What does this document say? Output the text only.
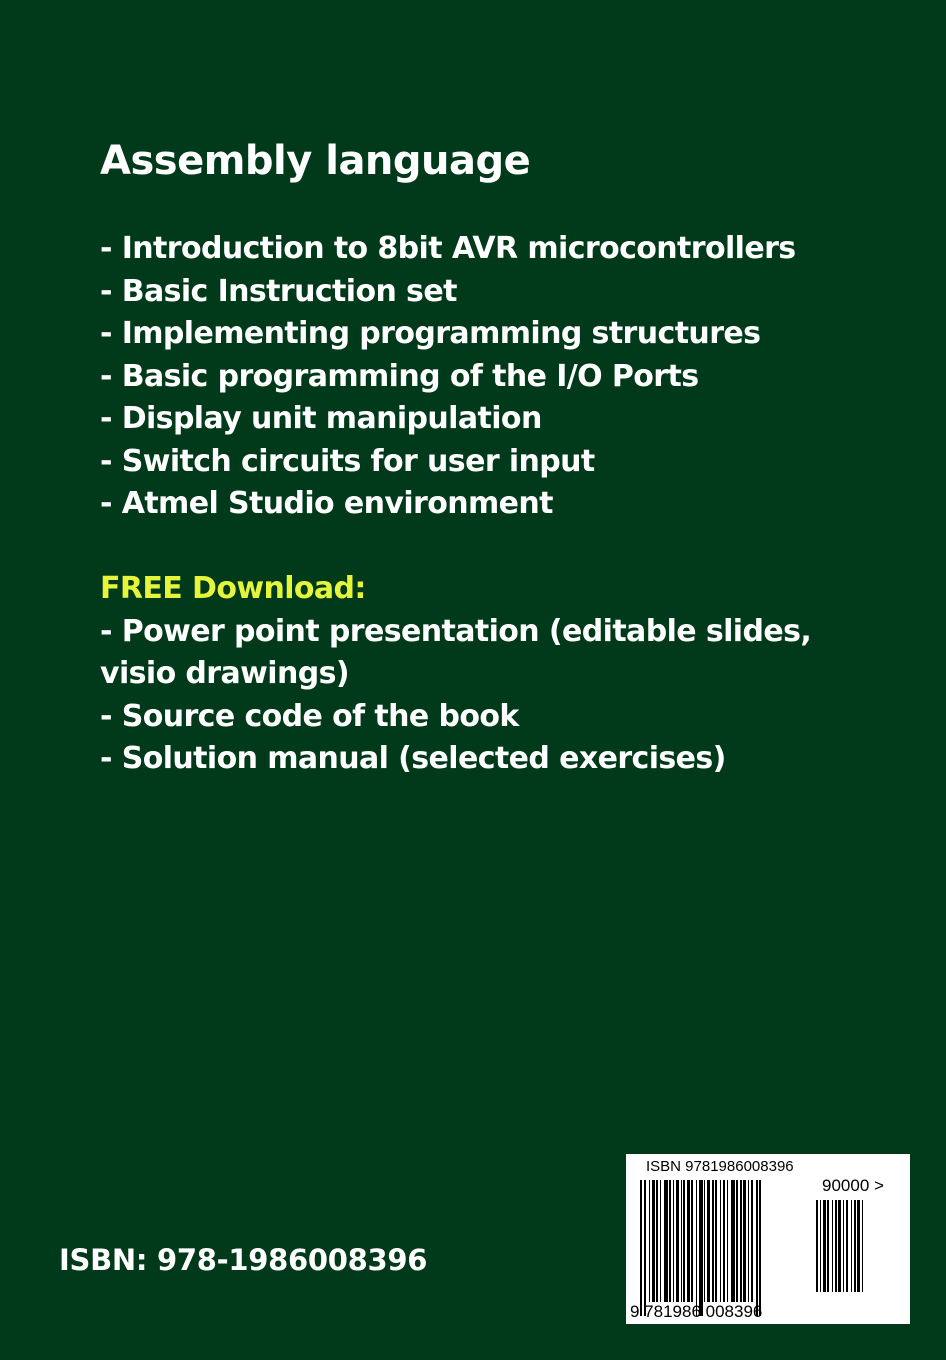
Assembly language
- Introduction to 8bit AVR microcontrollers
- Basic Instruction set
- Implementing programming structures
- Basic programming of the I/O Ports
- Display unit manipulation
- Switch circuits for user input
- Atmel Studio environment
FREE Download:
- Power point presentation (editable slides,
visio drawings)
- Source code of the book
- Solution manual (selected exercises)
ISBN: 978-1986008396
ISBN 9781986008396
90000 >
9 781986 008396
